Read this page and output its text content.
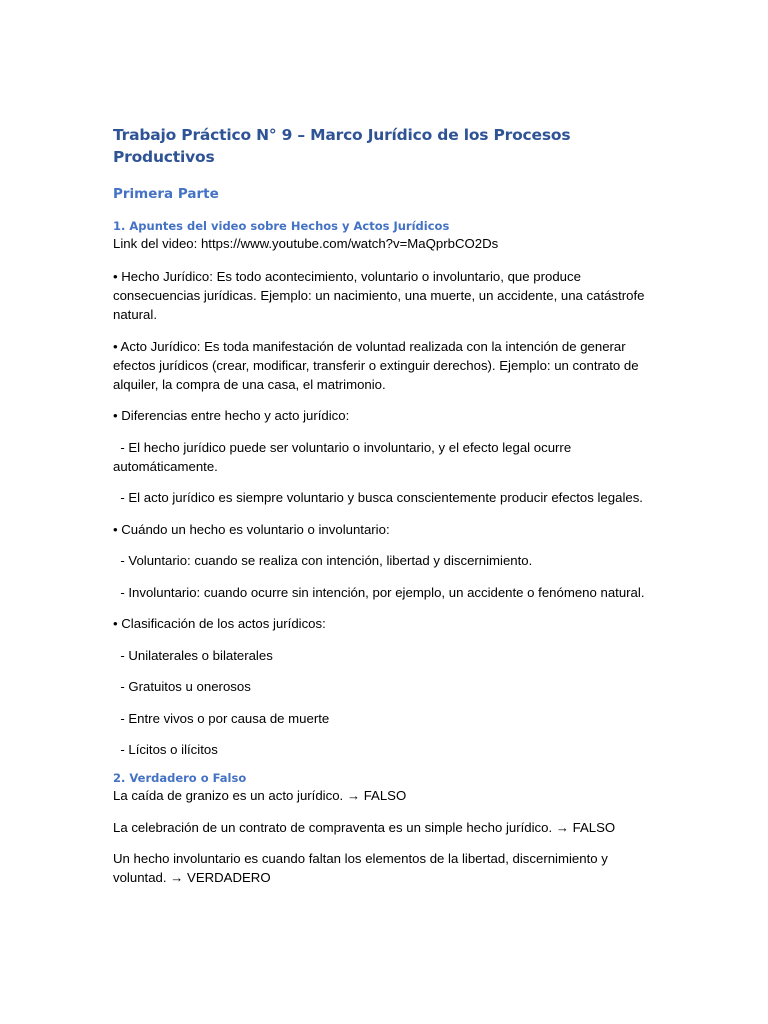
Trabajo Práctico N° 9 – Marco Jurídico de los Procesos Productivos
Primera Parte
1. Apuntes del video sobre Hechos y Actos Jurídicos

Link del video: https://www.youtube.com/watch?v=MaQprbCO2Ds

• Hecho Jurídico: Es todo acontecimiento, voluntario o involuntario, que produce consecuencias jurídicas. Ejemplo: un nacimiento, una muerte, un accidente, una catástrofe natural.

• Acto Jurídico: Es toda manifestación de voluntad realizada con la intención de generar efectos jurídicos (crear, modificar, transferir o extinguir derechos). Ejemplo: un contrato de alquiler, la compra de una casa, el matrimonio.

• Diferencias entre hecho y acto jurídico:

- El hecho jurídico puede ser voluntario o involuntario, y el efecto legal ocurre automáticamente.

- El acto jurídico es siempre voluntario y busca conscientemente producir efectos legales.

• Cuándo un hecho es voluntario o involuntario:

- Voluntario: cuando se realiza con intención, libertad y discernimiento.

- Involuntario: cuando ocurre sin intención, por ejemplo, un accidente o fenómeno natural.

• Clasificación de los actos jurídicos:

- Unilaterales o bilaterales

- Gratuitos u onerosos

- Entre vivos o por causa de muerte

- Lícitos o ilícitos

2. Verdadero o Falso

La caída de granizo es un acto jurídico. → FALSO

La celebración de un contrato de compraventa es un simple hecho jurídico. → FALSO

Un hecho involuntario es cuando faltan los elementos de la libertad, discernimiento y voluntad. → VERDADERO
